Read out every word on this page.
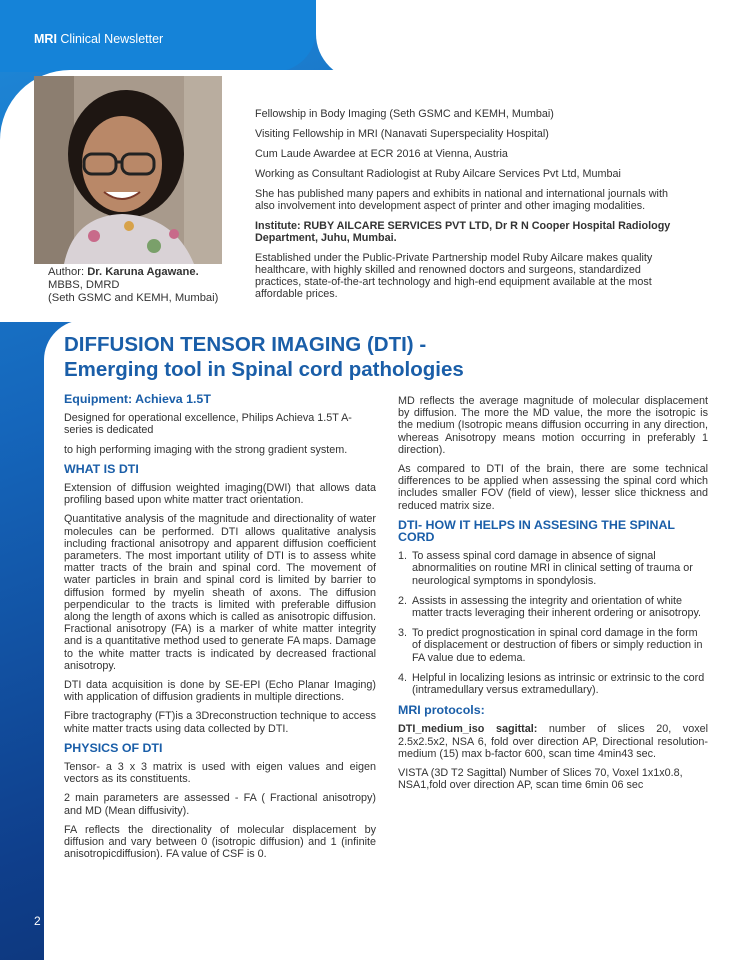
MRI Clinical Newsletter
Author: Dr. Karuna Agawane.
MBBS, DMRD
(Seth GSMC and KEMH, Mumbai)

Fellowship in Body Imaging (Seth GSMC and KEMH, Mumbai)

Visiting Fellowship in MRI (Nanavati Superspeciality Hospital)

Cum Laude Awardee at ECR 2016 at Vienna, Austria

Working as Consultant Radiologist at Ruby Ailcare Services Pvt Ltd, Mumbai

She has published many papers and exhibits in national and international journals with also involvement into development aspect of printer and other imaging modalities.

Institute: RUBY AILCARE SERVICES PVT LTD, Dr R N Cooper Hospital Radiology Department, Juhu, Mumbai.

Established under the Public-Private Partnership model Ruby Ailcare makes quality healthcare, with highly skilled and renowned doctors and surgeons, standardized practices, state-of-the-art technology and high-end equipment available at the most affordable prices.

DIFFUSION TENSOR IMAGING (DTI) -
Emerging tool in Spinal cord pathologies
Equipment: Achieva 1.5T

Designed for operational excellence, Philips Achieva 1.5T A-series is dedicated

to high performing imaging with the strong gradient system.

WHAT IS DTI

Extension of diffusion weighted imaging(DWI) that allows data profiling based upon white matter tract orientation.

Quantitative analysis of the magnitude and directionality of water molecules can be performed. DTI allows qualitative analysis including fractional anisotropy and apparent diffusion coefficient parameters. The most important utility of DTI is to assess white matter tracts of the brain and spinal cord. The movement of water particles in brain and spinal cord is limited by barrier to diffusion formed by myelin sheath of axons. The diffusion perpendicular to the tracts is limited with preferable diffusion along the length of axons which is called as anisotropic diffusion. Fractional anisotropy (FA) is a marker of white matter integrity and is a quantitative method used to generate FA maps. Damage to the white matter tracts is indicated by decreased fractional anisotropy.

DTI data acquisition is done by SE-EPI (Echo Planar Imaging) with application of diffusion gradients in multiple directions.

Fibre tractography (FT)is a 3Dreconstruction technique to access white matter tracts using data collected by DTI.

PHYSICS OF DTI

Tensor- a 3 x 3 matrix is used with eigen values and eigen vectors as its constituents.

2 main parameters are assessed - FA ( Fractional anisotropy) and MD (Mean diffusivity).

FA reflects the directionality of molecular displacement by diffusion and vary between 0 (isotropic diffusion) and 1 (infinite anisotropicdiffusion). FA value of CSF is 0.

MD reflects the average magnitude of molecular displacement by diffusion. The more the MD value, the more the isotropic is the medium (Isotropic means diffusion occurring in any direction, whereas Anisotropy means motion occurring in preferably 1 direction).

As compared to DTI of the brain, there are some technical differences to be applied when assessing the spinal cord which includes smaller FOV (field of view), lesser slice thickness and reduced matrix size.

DTI- HOW IT HELPS IN ASSESING THE SPINAL CORD
1. To assess spinal cord damage in absence of signal abnormalities on routine MRI in clinical setting of trauma or neurological symptoms in spondylosis.
2. Assists in assessing the integrity and orientation of white matter tracts leveraging their inherent ordering or anisotropy.
3. To predict prognostication in spinal cord damage in the form of displacement or destruction of fibers or simply reduction in FA value due to edema.
4. Helpful in localizing lesions as intrinsic or extrinsic to the cord (intramedullary versus extramedullary).
MRI protocols:

DTI_medium_iso sagittal: number of slices 20, voxel 2.5x2.5x2, NSA 6, fold over direction AP, Directional resolution- medium (15) max b-factor 600, scan time 4min43 sec.

VISTA (3D T2 Sagittal) Number of Slices 70, Voxel 1x1x0.8, NSA1,fold over direction AP, scan time 6min 06 sec

2
